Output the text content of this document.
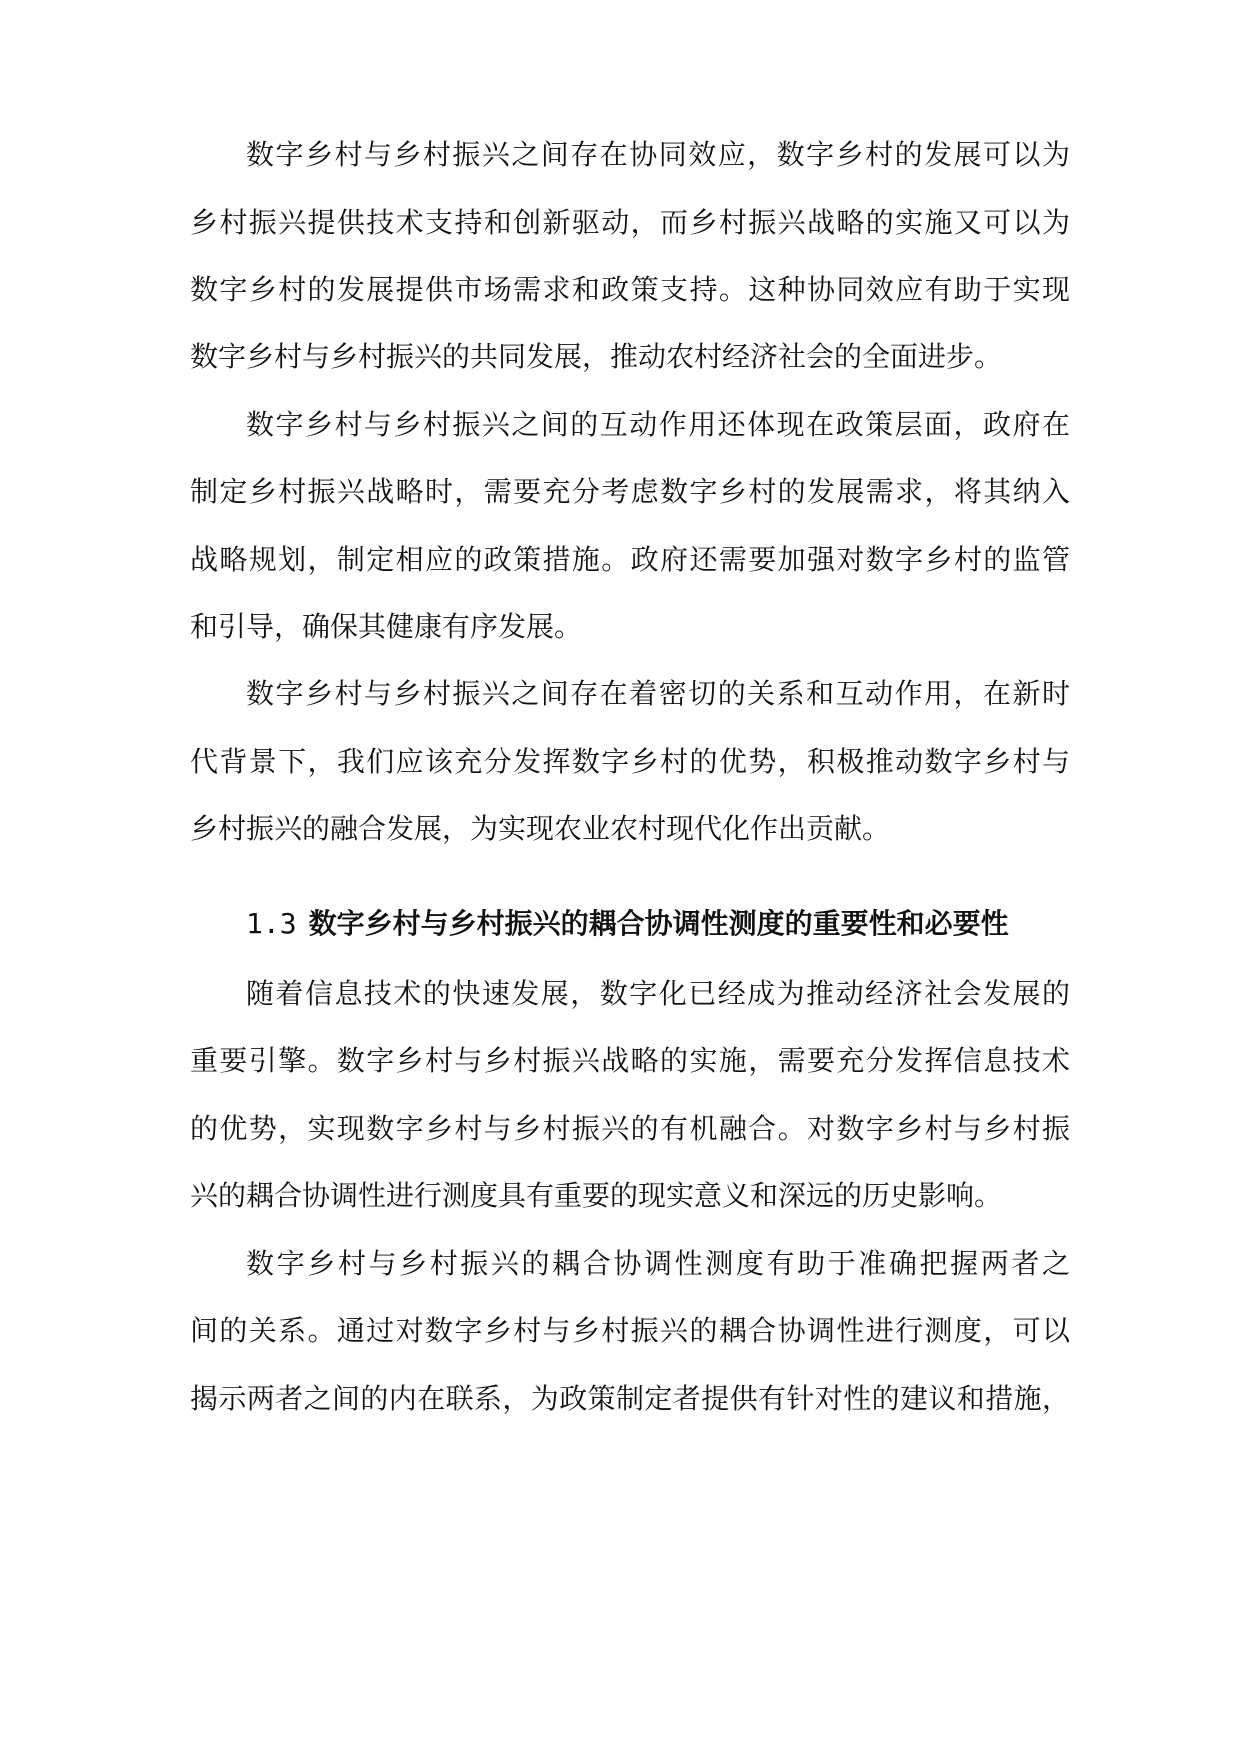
数字乡村与乡村振兴之间存在协同效应，数字乡村的发展可以为
乡村振兴提供技术支持和创新驱动，而乡村振兴战略的实施又可以为
数字乡村的发展提供市场需求和政策支持。这种协同效应有助于实现
数字乡村与乡村振兴的共同发展，推动农村经济社会的全面进步。
数字乡村与乡村振兴之间的互动作用还体现在政策层面，政府在
制定乡村振兴战略时，需要充分考虑数字乡村的发展需求，将其纳入
战略规划，制定相应的政策措施。政府还需要加强对数字乡村的监管
和引导，确保其健康有序发展。
数字乡村与乡村振兴之间存在着密切的关系和互动作用，在新时
代背景下，我们应该充分发挥数字乡村的优势，积极推动数字乡村与
乡村振兴的融合发展，为实现农业农村现代化作出贡献。
1.3 数字乡村与乡村振兴的耦合协调性测度的重要性和必要性
随着信息技术的快速发展，数字化已经成为推动经济社会发展的
重要引擎。数字乡村与乡村振兴战略的实施，需要充分发挥信息技术
的优势，实现数字乡村与乡村振兴的有机融合。对数字乡村与乡村振
兴的耦合协调性进行测度具有重要的现实意义和深远的历史影响。
数字乡村与乡村振兴的耦合协调性测度有助于准确把握两者之
间的关系。通过对数字乡村与乡村振兴的耦合协调性进行测度，可以
揭示两者之间的内在联系，为政策制定者提供有针对性的建议和措施，
